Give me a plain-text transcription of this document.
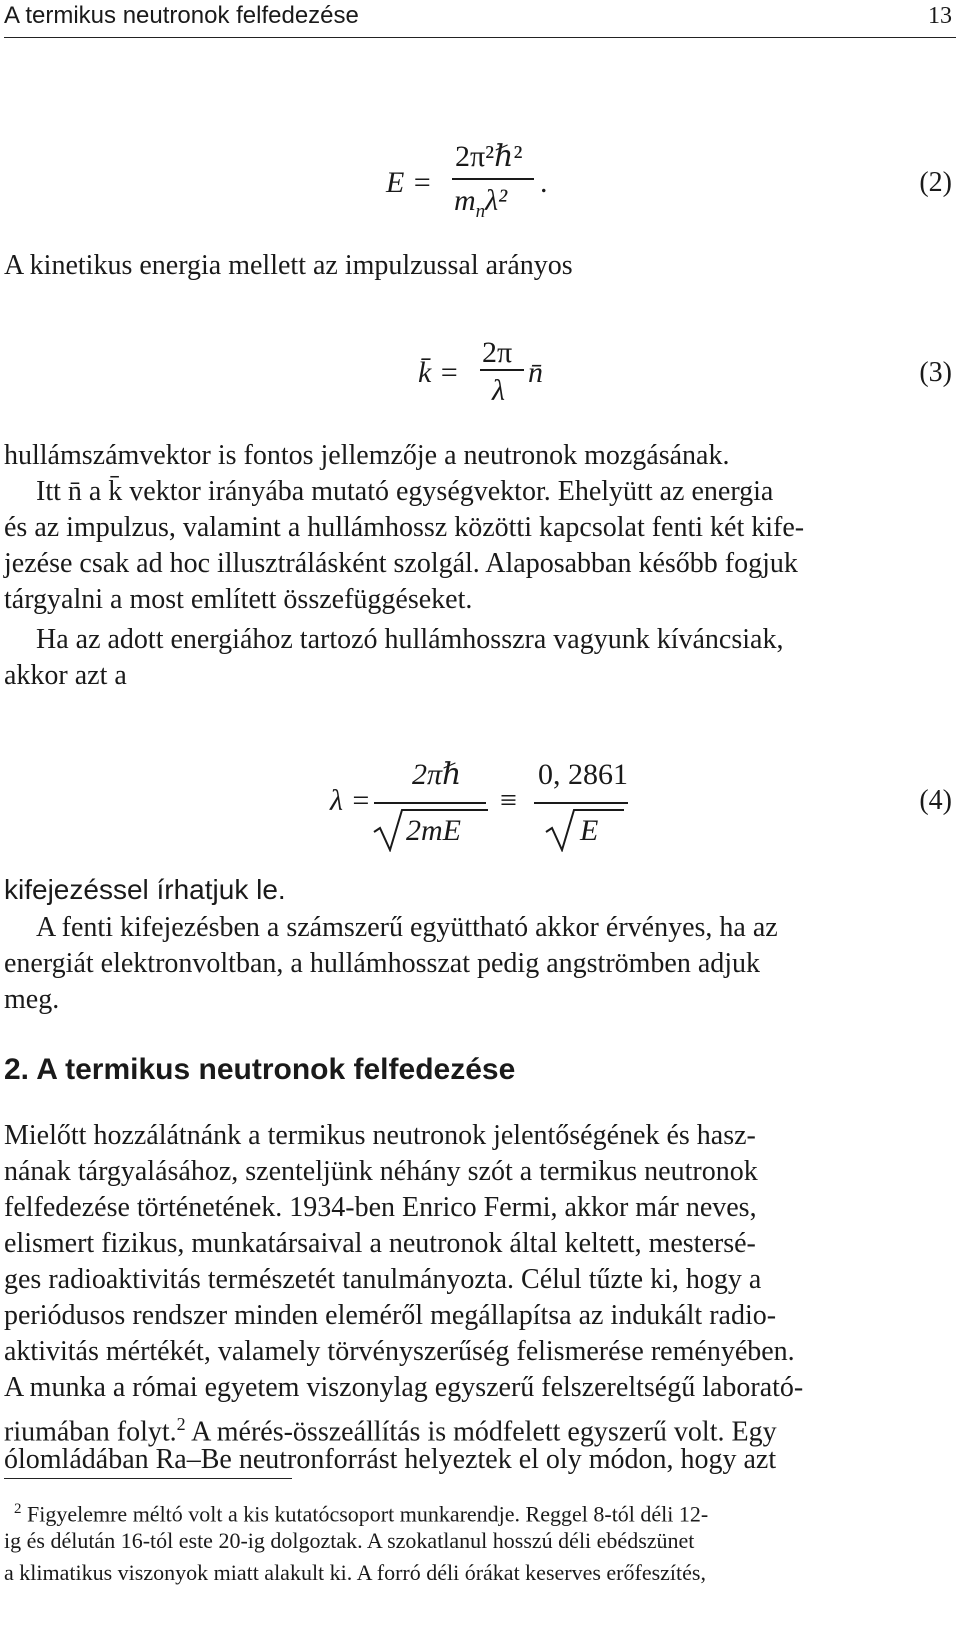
A termikus neutronok felfedezése	13
E =
2π²ℏ²
$m_n\lambda^2$
.	(2)
A kinetikus energia mellett az impulzussal arányos
k̄ =
2π
λ
n̄	(3)
hullámszámvektor is fontos jellemzője a neutronok mozgásának.
Itt n̄ a k̄ vektor irányába mutató egységvektor. Ehelyütt az energia
és az impulzus, valamint a hullámhossz közötti kapcsolat fenti két kife-
jezése csak ad hoc illusztrálásként szolgál. Alaposabban később fogjuk
tárgyalni a most említett összefüggéseket.
Ha az adott energiához tartozó hullámhosszra vagyunk kíváncsiak,
akkor azt a
λ =
2πℏ
2mE
≡
0, 2861
E
(4)
kifejezéssel írhatjuk le.
A fenti kifejezésben a számszerű együttható akkor érvényes, ha az
energiát elektronvoltban, a hullámhosszat pedig angströmben adjuk
meg.
2. A termikus neutronok felfedezése
Mielőtt hozzálátnánk a termikus neutronok jelentőségének és hasz-
nának tárgyalásához, szenteljünk néhány szót a termikus neutronok
felfedezése történetének. 1934-ben Enrico Fermi, akkor már neves,
elismert fizikus, munkatársaival a neutronok által keltett, mestersé-
ges radioaktivitás természetét tanulmányozta. Célul tűzte ki, hogy a
periódusos rendszer minden eleméről megállapítsa az indukált radio-
aktivitás mértékét, valamely törvényszerűség felismerése reményében.
A munka a római egyetem viszonylag egyszerű felszereltségű laborató-
riumában folyt.$^2$ A mérés-összeállítás is módfelett egyszerű volt. Egy
ólomládában Ra–Be neutronforrást helyeztek el oly módon, hogy azt
$^2$ Figyelemre méltó volt a kis kutatócsoport munkarendje. Reggel 8-tól déli 12-
ig és délután 16-tól este 20-ig dolgoztak. A szokatlanul hosszú déli ebédszünet
a klimatikus viszonyok miatt alakult ki. A forró déli órákat keserves erőfeszítés,
